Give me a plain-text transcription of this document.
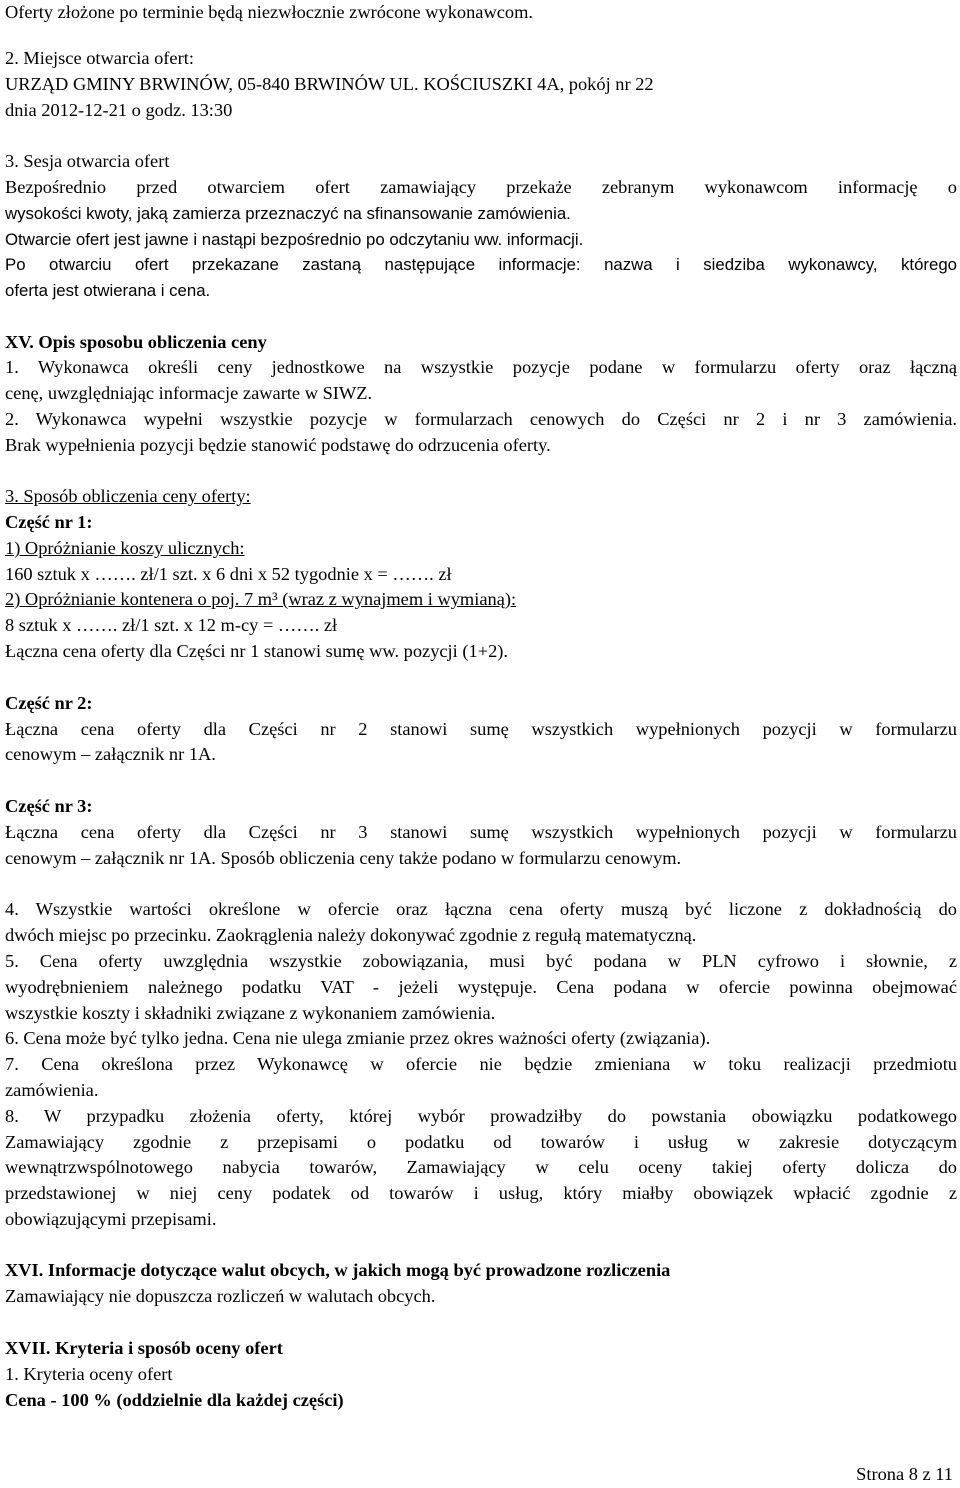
Oferty złożone po terminie będą niezwłocznie zwrócone wykonawcom.
2. Miejsce otwarcia ofert:
URZĄD GMINY BRWINÓW, 05-840 BRWINÓW UL. KOŚCIUSZKI 4A, pokój nr 22
dnia 2012-12-21 o godz. 13:30
3. Sesja otwarcia ofert
Bezpośrednio przed otwarciem ofert zamawiający przekaże zebranym wykonawcom informację o
wysokości kwoty, jaką zamierza przeznaczyć na sfinansowanie zamówienia.
Otwarcie ofert jest jawne i nastąpi bezpośrednio po odczytaniu ww. informacji.
Po otwarciu ofert przekazane zastaną następujące informacje: nazwa i siedziba wykonawcy, którego
oferta jest otwierana i cena.
XV. Opis sposobu obliczenia ceny
1. Wykonawca określi ceny jednostkowe na wszystkie pozycje podane w formularzu oferty oraz łączną
cenę, uwzględniając informacje zawarte w SIWZ.
2. Wykonawca wypełni wszystkie pozycje w formularzach cenowych do Części nr 2 i nr 3 zamówienia.
Brak wypełnienia pozycji będzie stanowić podstawę do odrzucenia oferty.
3. Sposób obliczenia ceny oferty:
Część nr 1:
1) Opróżnianie koszy ulicznych:
160 sztuk x ……. zł/1 szt. x 6 dni x 52 tygodnie x = ……. zł
2) Opróżnianie kontenera o poj. 7 m³ (wraz z wynajmem i wymianą):
8 sztuk x ……. zł/1 szt. x 12 m-cy = ……. zł
Łączna cena oferty dla Części nr 1 stanowi sumę ww. pozycji (1+2).
Część nr 2:
Łączna cena oferty dla Części nr 2 stanowi sumę wszystkich wypełnionych pozycji w formularzu
cenowym – załącznik nr 1A.
Część nr 3:
Łączna cena oferty dla Części nr 3 stanowi sumę wszystkich wypełnionych pozycji w formularzu
cenowym – załącznik nr 1A. Sposób obliczenia ceny także podano w formularzu cenowym.
4. Wszystkie wartości określone w ofercie oraz łączna cena oferty muszą być liczone z dokładnością do
dwóch miejsc po przecinku. Zaokrąglenia należy dokonywać zgodnie z regułą matematyczną.
5. Cena oferty uwzględnia wszystkie zobowiązania, musi być podana w PLN cyfrowo i słownie, z
wyodrębnieniem należnego podatku VAT - jeżeli występuje. Cena podana w ofercie powinna obejmować
wszystkie koszty i składniki związane z wykonaniem zamówienia.
6. Cena może być tylko jedna. Cena nie ulega zmianie przez okres ważności oferty (związania).
7. Cena określona przez Wykonawcę w ofercie nie będzie zmieniana w toku realizacji przedmiotu
zamówienia.
8. W przypadku złożenia oferty, której wybór prowadziłby do powstania obowiązku podatkowego
Zamawiający zgodnie z przepisami o podatku od towarów i usług w zakresie dotyczącym
wewnątrzwspólnotowego nabycia towarów, Zamawiający w celu oceny takiej oferty dolicza do
przedstawionej w niej ceny podatek od towarów i usług, który miałby obowiązek wpłacić zgodnie z
obowiązującymi przepisami.
XVI. Informacje dotyczące walut obcych, w jakich mogą być prowadzone rozliczenia
Zamawiający nie dopuszcza rozliczeń w walutach obcych.
XVII. Kryteria i sposób oceny ofert
1. Kryteria oceny ofert
Cena - 100 % (oddzielnie dla każdej części)
Strona 8 z 11
